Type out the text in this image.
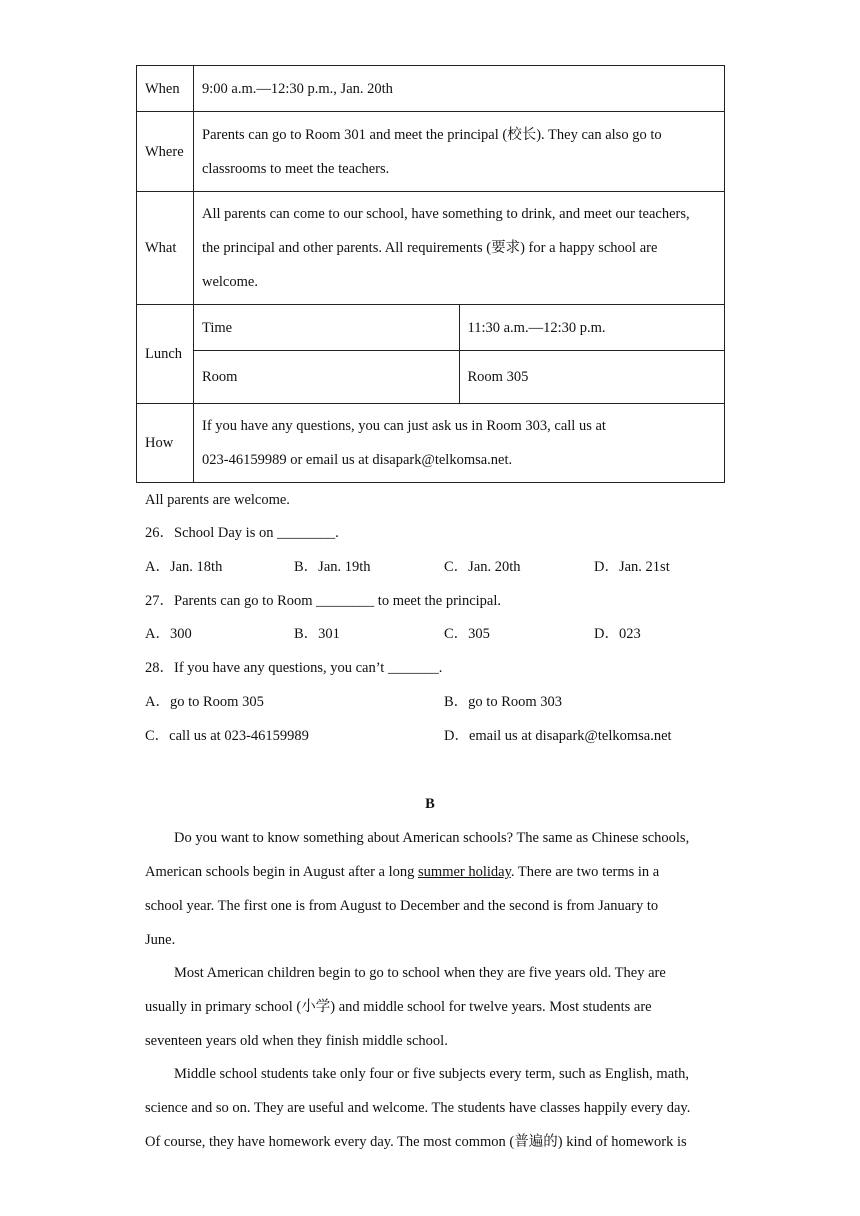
When	9:00 a.m.—12:30 p.m., Jan. 20th	
Where	Parents can go to Room 301 and meet the principal (校长). They can also go to
classrooms to meet the teachers.	
What	All parents can come to our school, have something to drink, and meet our teachers,
the principal and other parents. All requirements (要求) for a happy school are
welcome.	
Lunch	Time	11:30 a.m.—12:30 p.m.
	Room	Room 305
How	If you have any questions, you can just ask us in Room 303, call us at
023-46159989 or email us at disapark@telkomsa.net.	
All parents are welcome.
26．School Day is on ________.
A．Jan. 18th	B．Jan. 19th	C．Jan. 20th	D．Jan. 21st
27．Parents can go to Room ________ to meet the principal.
A．300	B．301	C．305	D．023
28．If you have any questions, you can’t _______.
A．go to Room 305	B．go to Room 303
C．call us at 023-46159989	D．email us at disapark@telkomsa.net
B
Do you want to know something about American schools? The same as Chinese schools,
American schools begin in August after a long summer holiday. There are two terms in a
school year. The first one is from August to December and the second is from January to
June.
Most American children begin to go to school when they are five years old. They are
usually in primary school (小学) and middle school for twelve years. Most students are
seventeen years old when they finish middle school.
Middle school students take only four or five subjects every term, such as English, math,
science and so on. They are useful and welcome. The students have classes happily every day.
Of course, they have homework every day. The most common (普遍的) kind of homework is
